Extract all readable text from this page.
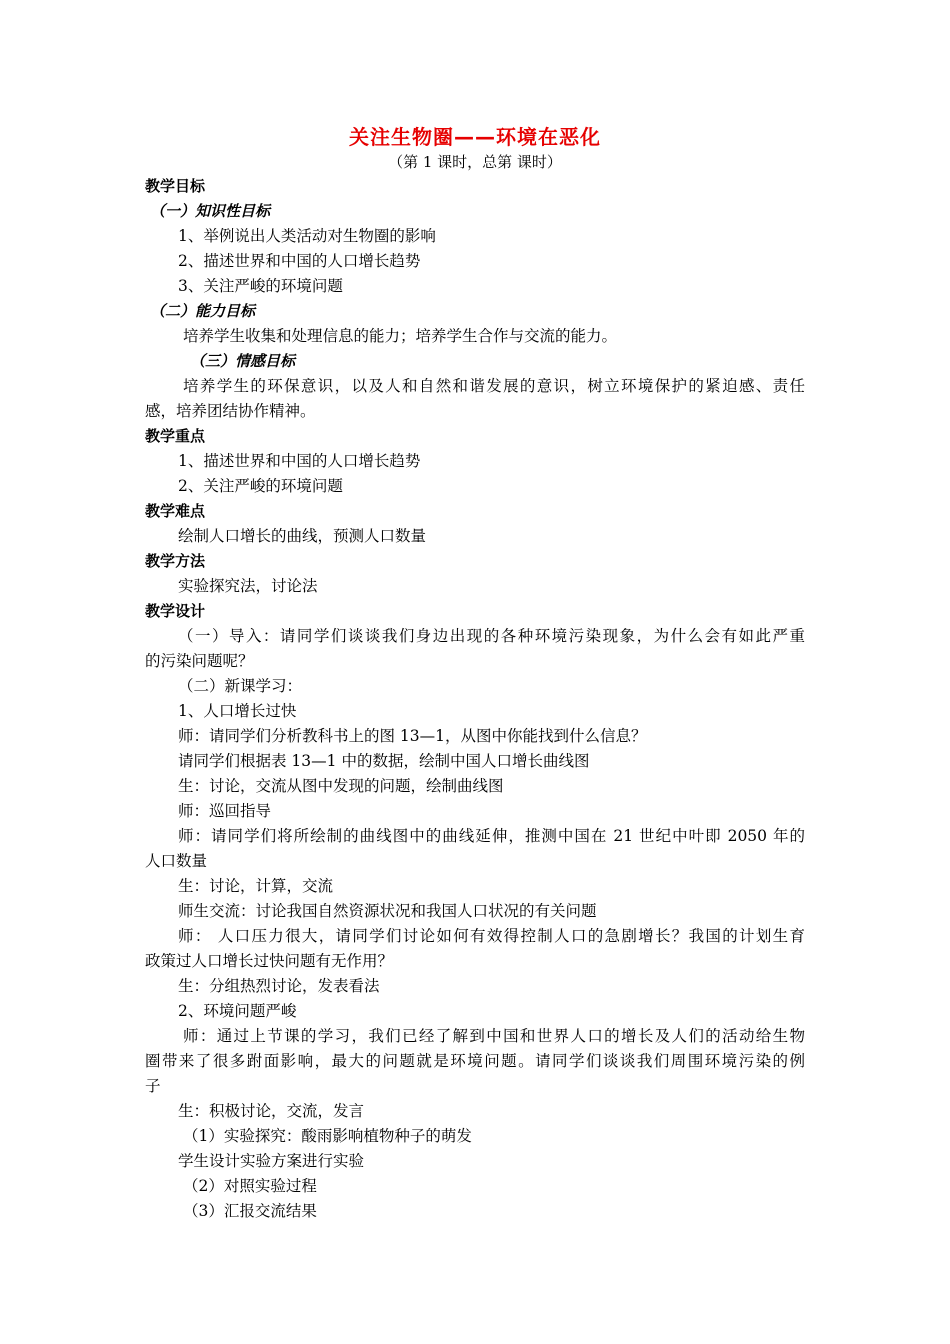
关注生物圈——环境在恶化
（第 1 课时，总第 课时）
教学目标
（一）知识性目标
1、举例说出人类活动对生物圈的影响
2、描述世界和中国的人口增长趋势
3、关注严峻的环境问题
（二）能力目标
培养学生收集和处理信息的能力；培养学生合作与交流的能力。
（三）情感目标
培养学生的环保意识，以及人和自然和谐发展的意识，树立环境保护的紧迫感、责任
感，培养团结协作精神。
教学重点
1、描述世界和中国的人口增长趋势
2、关注严峻的环境问题
教学难点
绘制人口增长的曲线，预测人口数量
教学方法
实验探究法，讨论法
教学设计
（一）导入：请同学们谈谈我们身边出现的各种环境污染现象，为什么会有如此严重
的污染问题呢？
（二）新课学习：
1、人口增长过快
师：请同学们分析教科书上的图 13—1，从图中你能找到什么信息？
请同学们根据表 13—1 中的数据，绘制中国人口增长曲线图
生：讨论，交流从图中发现的问题，绘制曲线图
师：巡回指导
师：请同学们将所绘制的曲线图中的曲线延伸，推测中国在 21 世纪中叶即 2050 年的
人口数量
生：讨论，计算，交流
师生交流：讨论我国自然资源状况和我国人口状况的有关问题
师： 人口压力很大，请同学们讨论如何有效得控制人口的急剧增长？我国的计划生育
政策过人口增长过快问题有无作用？
生：分组热烈讨论，发表看法
2、环境问题严峻
师：通过上节课的学习，我们已经了解到中国和世界人口的增长及人们的活动给生物
圈带来了很多跗面影响，最大的问题就是环境问题。请同学们谈谈我们周围环境污染的例
子
生：积极讨论，交流，发言
（1）实验探究：酸雨影响植物种子的萌发
学生设计实验方案进行实验
（2）对照实验过程
（3）汇报交流结果
